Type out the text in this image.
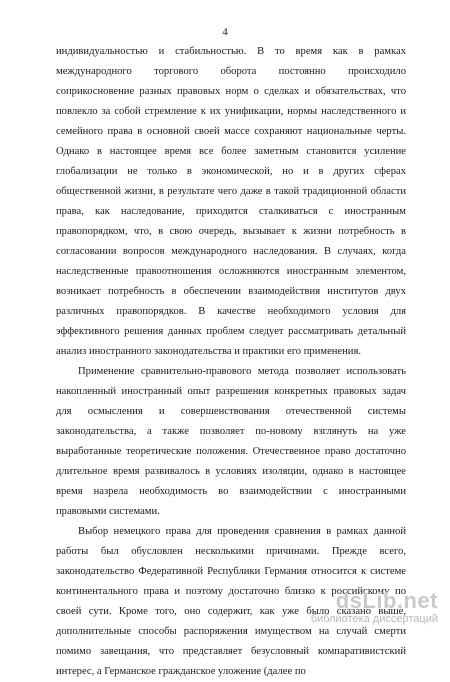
4

индивидуальностью и стабильностью. В то время как в рамках международного торгового оборота постоянно происходило соприкосновение разных правовых норм о сделках и обязательствах, что повлекло за собой стремление к их унификации, нормы наследственного и семейного права в основной своей массе сохраняют национальные черты. Однако в настоящее время все более заметным становится усиление глобализации не только в экономической, но и в других сферах общественной жизни, в результате чего даже в такой традиционной области права, как наследование, приходится сталкиваться с иностранным правопорядком, что, в свою очередь, вызывает к жизни потребность в согласовании вопросов международного наследования. В случаях, когда наследственные правоотношения осложняются иностранным элементом, возникает потребность в обеспечении взаимодействия институтов двух различных правопорядков. В качестве необходимого условия для эффективного решения данных проблем следует рассматривать детальный анализ иностранного законодательства и практики его применения.

Применение сравнительно-правового метода позволяет использовать накопленный иностранный опыт разрешения конкретных правовых задач для осмысления и совершенствования отечественной системы законодательства, а также позволяет по-новому взглянуть на уже выработанные теоретические положения. Отечественное право достаточно длительное время развивалось в условиях изоляции, однако в настоящее время назрела необходимость во взаимодействии с иностранными правовыми системами.

Выбор немецкого права для проведения сравнения в рамках данной работы был обусловлен несколькими причинами. Прежде всего, законодательство Федеративной Республики Германия относится к системе континентального права и поэтому достаточно близко к российскому по своей сути. Кроме того, оно содержит, как уже было сказано выше, дополнительные способы распоряжения имуществом на случай смерти помимо завещания, что представляет безусловный компаративистский интерес, а Германское гражданское уложение (далее по

dsLib.net
библиотека диссертаций
